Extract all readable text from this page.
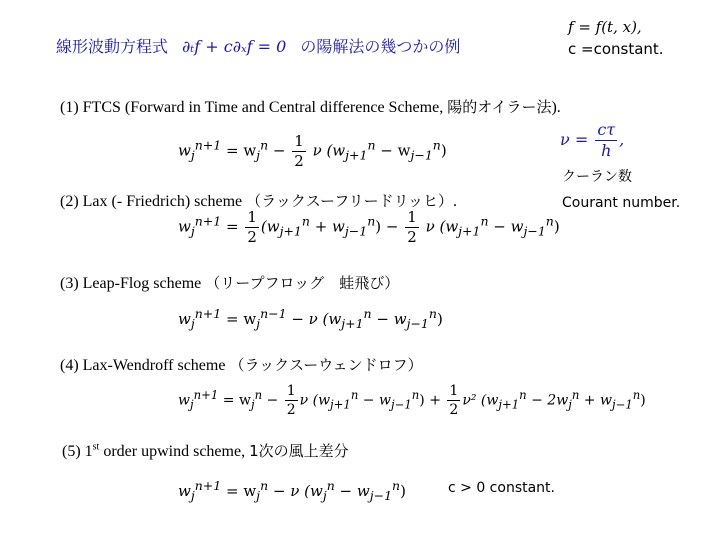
線形波動方程式 ∂ₜf + c∂ₓf = 0 の陽解法の幾つかの例
f = f(t, x),
c =constant.
(1) FTCS (Forward in Time and Central difference Scheme, 陽的オイラー法).
$w_j^{n+1} = w_j^n - \frac{1}{2}$ ν $(w_{j+1}^n - w_{j-1}^n)$
$\nu = \frac{c\tau}{h}$ ,
クーラン数
Courant number.
(2) Lax (- Friedrich) scheme （ラックスーフリードリッヒ）.
$w_j^{n+1} = \frac{1}{2} (w_{j+1}^n + w_{j-1}^n) - \frac{1}{2}$ ν $(w_{j+1}^n - w_{j-1}^n)$
(3) Leap-Flog scheme （リープフロッグ　蛙飛び）
$w_j^{n+1} = w_j^{n-1} - \nu$ $(w_{j+1}^n - w_{j-1}^n)$
(4) Lax-Wendroff scheme （ラックスーウェンドロフ）
$w_j^{n+1} = w_j^n - \frac{1}{2}$ ν $(w_{j+1}^n - w_{j-1}^n) + \frac{1}{2} \nu^2$ $(w_{j+1}^n - 2w_j^n + w_{j-1}^n)$
(5) 1st order upwind scheme, 1次の風上差分
$w_j^{n+1} = w_j^n - \nu$ $(w_j^n - w_{j-1}^n)$	c > 0 constant.
